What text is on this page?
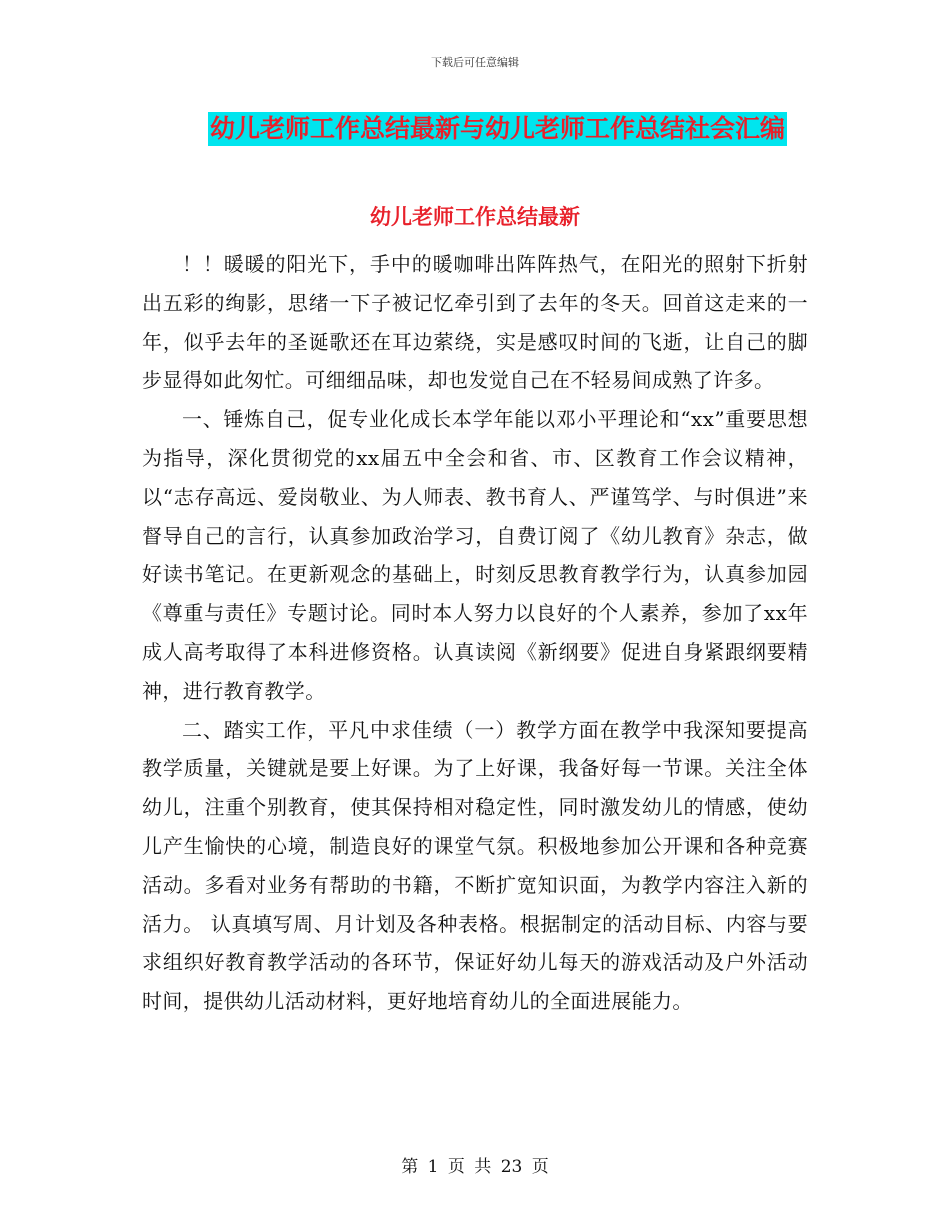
下载后可任意编辑
幼儿老师工作总结最新与幼儿老师工作总结社会汇编
幼儿老师工作总结最新

！！暖暖的阳光下，手中的暖咖啡出阵阵热气，在阳光的照射下折射出五彩的绚影，思绪一下子被记忆牵引到了去年的冬天。回首这走来的一年，似乎去年的圣诞歌还在耳边萦绕，实是感叹时间的飞逝，让自己的脚步显得如此匆忙。可细细品味，却也发觉自己在不轻易间成熟了许多。

一、锤炼自己，促专业化成长本学年能以邓小平理论和“xx”重要思想为指导，深化贯彻党的xx届五中全会和省、市、区教育工作会议精神，以“志存高远、爱岗敬业、为人师表、教书育人、严谨笃学、与时俱进”来督导自己的言行，认真参加政治学习，自费订阅了《幼儿教育》杂志，做好读书笔记。在更新观念的基础上，时刻反思教育教学行为，认真参加园《尊重与责任》专题讨论。同时本人努力以良好的个人素养，参加了xx年成人高考取得了本科进修资格。认真读阅《新纲要》促进自身紧跟纲要精神，进行教育教学。

二、踏实工作，平凡中求佳绩（一）教学方面在教学中我深知要提高教学质量，关键就是要上好课。为了上好课，我备好每一节课。关注全体幼儿，注重个别教育，使其保持相对稳定性，同时激发幼儿的情感，使幼儿产生愉快的心境，制造良好的课堂气氛。积极地参加公开课和各种竞赛活动。多看对业务有帮助的书籍，不断扩宽知识面，为教学内容注入新的活力。 认真填写周、月计划及各种表格。根据制定的活动目标、内容与要求组织好教育教学活动的各环节，保证好幼儿每天的游戏活动及户外活动时间，提供幼儿活动材料，更好地培育幼儿的全面进展能力。

第 1 页 共 23 页
